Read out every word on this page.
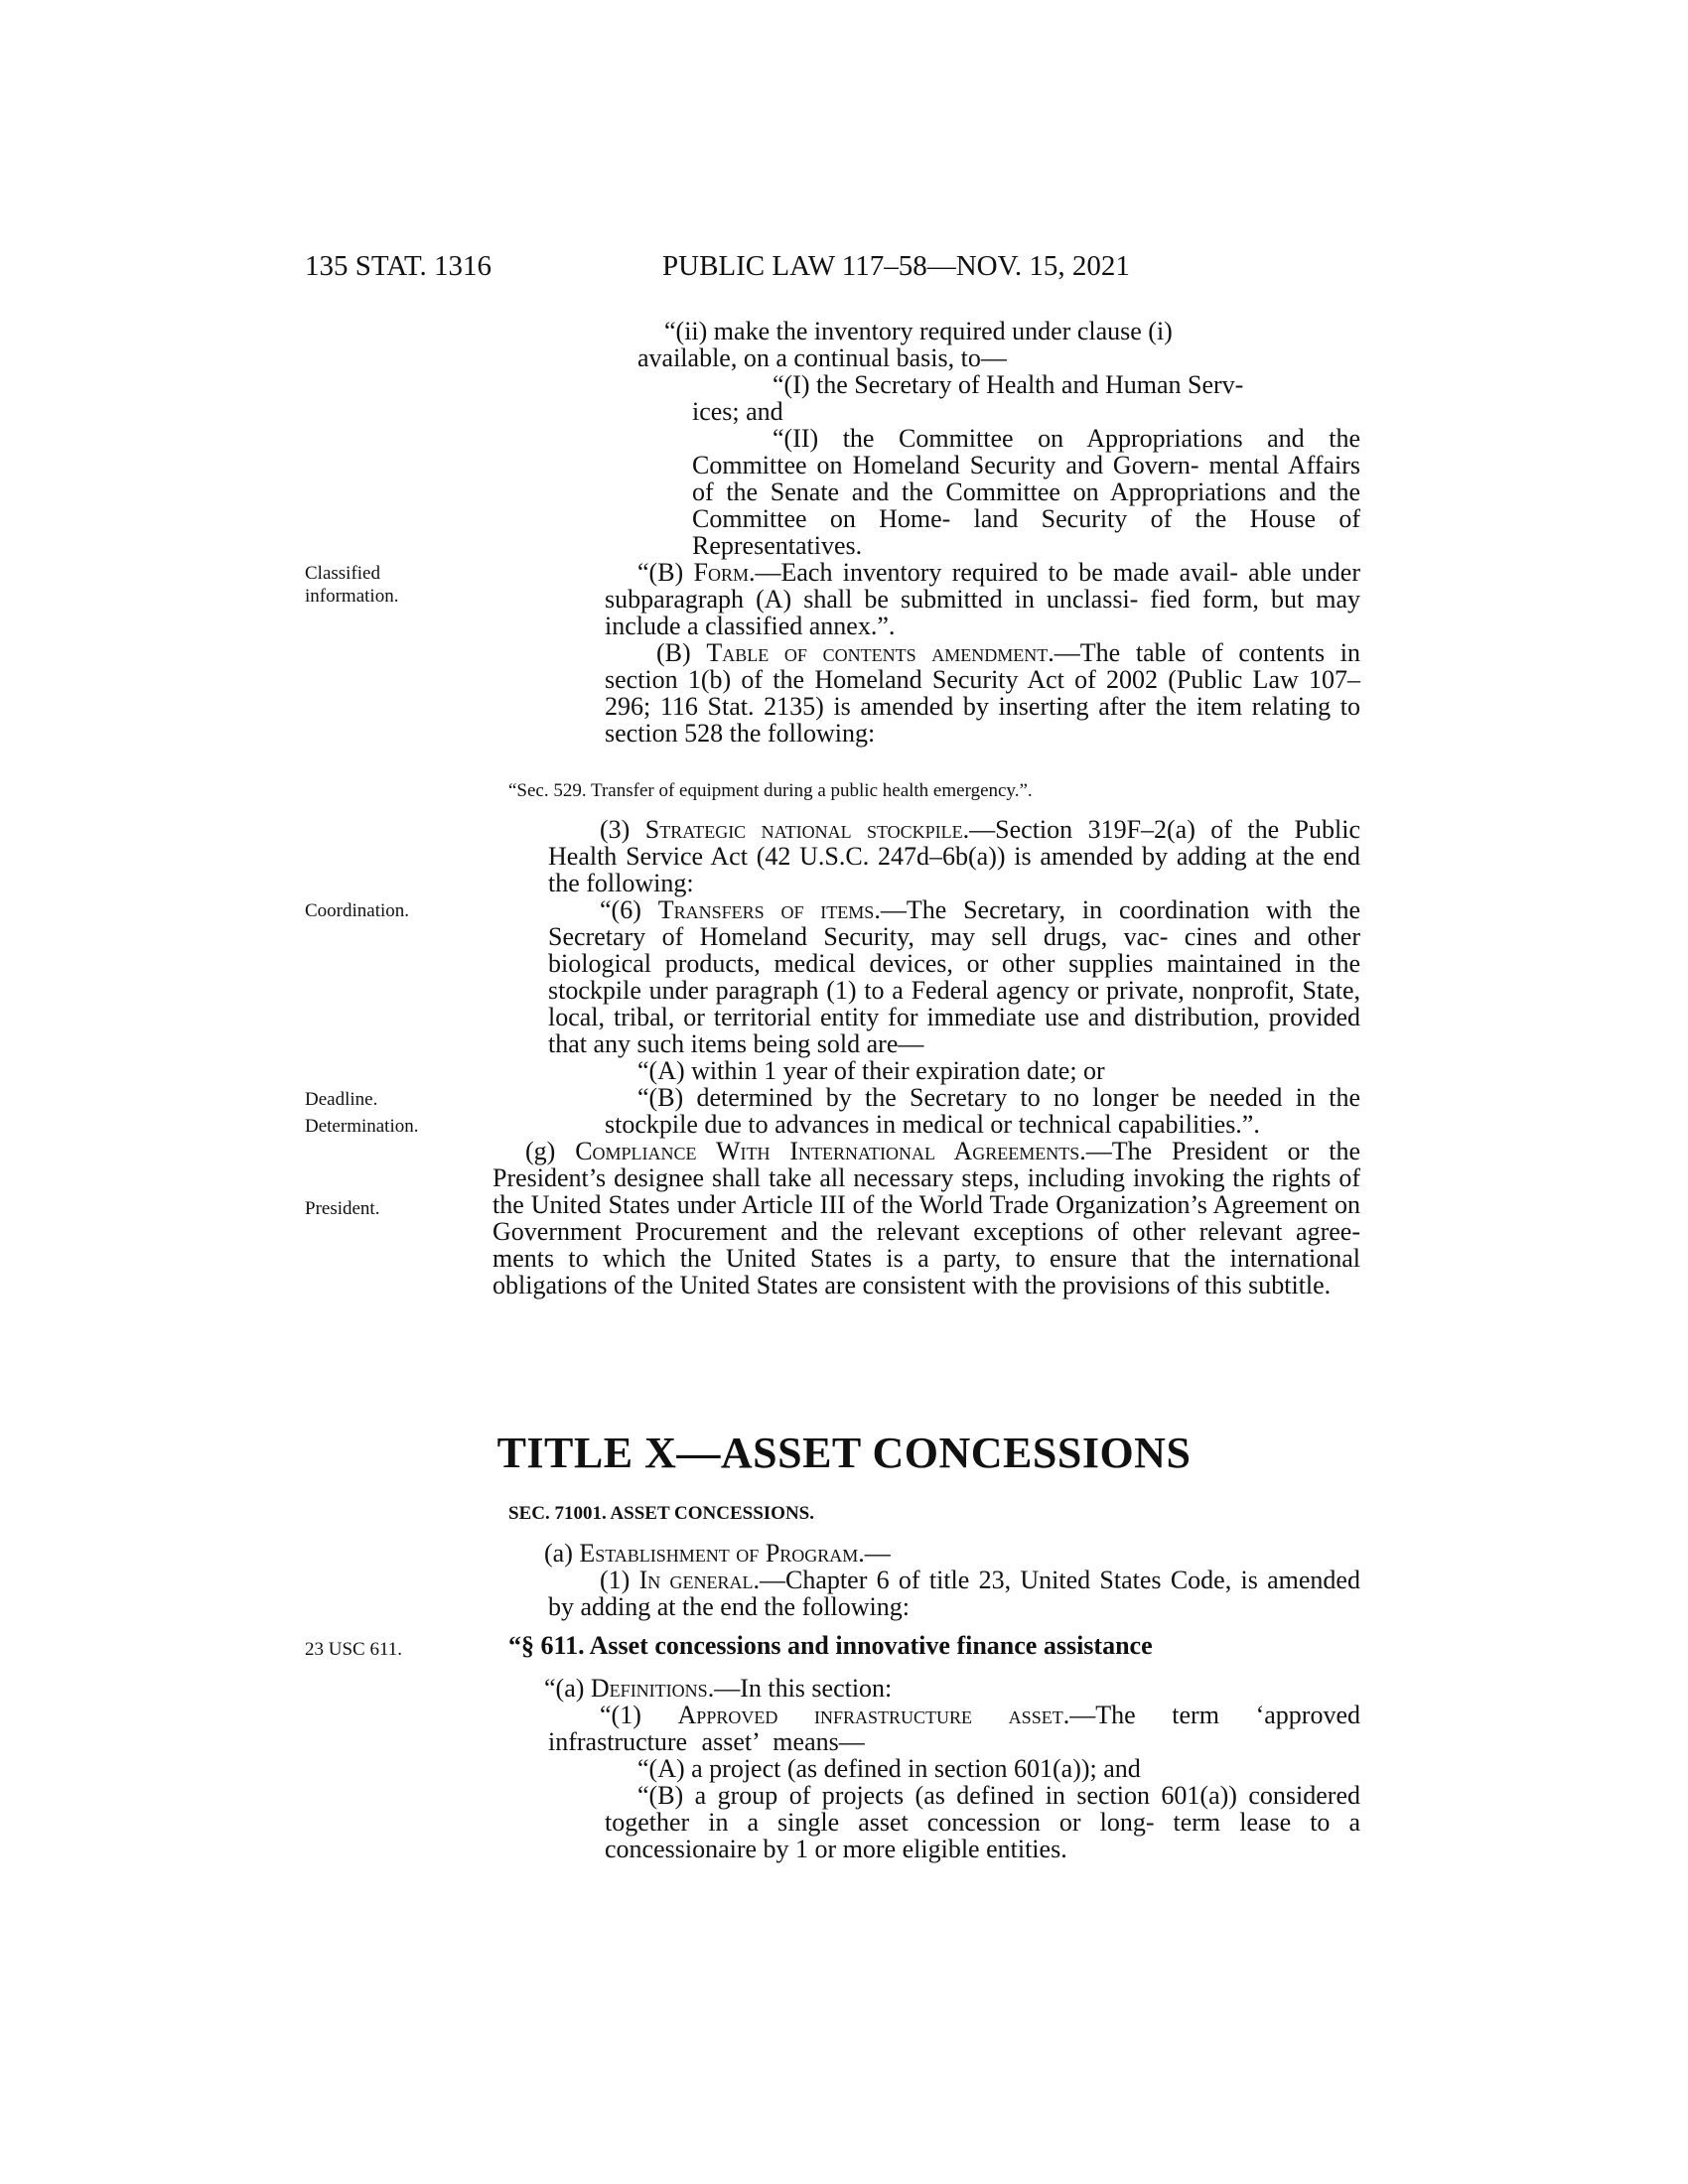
135 STAT. 1316	PUBLIC LAW 117–58—NOV. 15, 2021
Classified
information.
Coordination.
Deadline.
Determination.
President.
23 USC 611.

“(ii) make the inventory required under clause (i)

available, on a continual basis, to—

“(I) the Secretary of Health and Human Serv-

ices; and

“(II) the Committee on Appropriations and the Committee on Homeland Security and Govern- mental Affairs of the Senate and the Committee on Appropriations and the Committee on Home- land Security of the House of Representatives.

“(B) Form.—Each inventory required to be made avail- able under subparagraph (A) shall be submitted in unclassi- fied form, but may include a classified annex.”.

(B) Table of contents amendment.—The table of contents in section 1(b) of the Homeland Security Act of 2002 (Public Law 107–296; 116 Stat. 2135) is amended by inserting after the item relating to section 528 the following:

“Sec. 529. Transfer of equipment during a public health emergency.”.

(3) Strategic national stockpile.—Section 319F–2(a) of the Public Health Service Act (42 U.S.C. 247d–6b(a)) is amended by adding at the end the following:

“(6) Transfers of items.—The Secretary, in coordination with the Secretary of Homeland Security, may sell drugs, vac- cines and other biological products, medical devices, or other supplies maintained in the stockpile under paragraph (1) to a Federal agency or private, nonprofit, State, local, tribal, or territorial entity for immediate use and distribution, provided that any such items being sold are—

“(A) within 1 year of their expiration date; or

“(B) determined by the Secretary to no longer be needed in the stockpile due to advances in medical or technical capabilities.”.

(g) Compliance With International Agreements.—The President or the President’s designee shall take all necessary steps, including invoking the rights of the United States under Article III of the World Trade Organization’s Agreement on Government Procurement and the relevant exceptions of other relevant agree- ments to which the United States is a party, to ensure that the international obligations of the United States are consistent with the provisions of this subtitle.

TITLE X—ASSET CONCESSIONS
SEC. 71001. ASSET CONCESSIONS.

(a) Establishment of Program.—

(1) In general.—Chapter 6 of title 23, United States Code, is amended by adding at the end the following:

“§ 611. Asset concessions and innovative finance assistance

“(a) Definitions.—In this section:

“(1) Approved infrastructure asset.—The term ‘approved infrastructure asset’ means—

“(A) a project (as defined in section 601(a)); and

“(B) a group of projects (as defined in section 601(a)) considered together in a single asset concession or long- term lease to a concessionaire by 1 or more eligible entities.
